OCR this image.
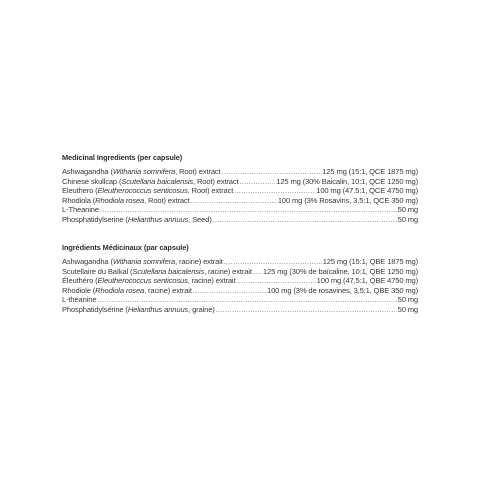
Medicinal Ingredients (per capsule)
Ashwagandha (Withania somnifera, Root) extract .....	125 mg (15:1, QCE 1875 mg)
Chinese skullcap (Scutellaria baicalensis, Root) extract .....	125 mg (30% Baicalin, 10:1, QCE 1250 mg)
Eleuthero (Eleutherococcus senticosus, Root) extract .....	100 mg (47.5:1, QCE 4750 mg)
Rhodiola (Rhodiola rosea, Root) extract .....	100 mg (3% Rosavins, 3.5:1, QCE 350 mg)
L-Theanine .....	50 mg
Phosphatidylserine (Helianthus annuus, Seed) .....	50 mg
Ingrédients Médicinaux (par capsule)
Ashwagandha (Withania somnifera, racine) extrait .....	125 mg (15:1, QBE 1875 mg)
Scutellaire du Baïkal (Scutellaria baicalensis, racine) extrait ..... 125 mg (30% de baïcaline, 10:1, QBE 1250 mg)
Éleuthéro (Eleutherococcus senticosus, racine) extrait .....	100 mg (47,5:1, QBE 4750 mg)
Rhodiole (Rhodiola rosea, racine) extrait .....	100 mg (3% de rosavines, 3,5:1, QBE 350 mg)
L-théanine .....	50 mg
Phosphatidylsérine (Helianthus annuus, graine) .....	50 mg
